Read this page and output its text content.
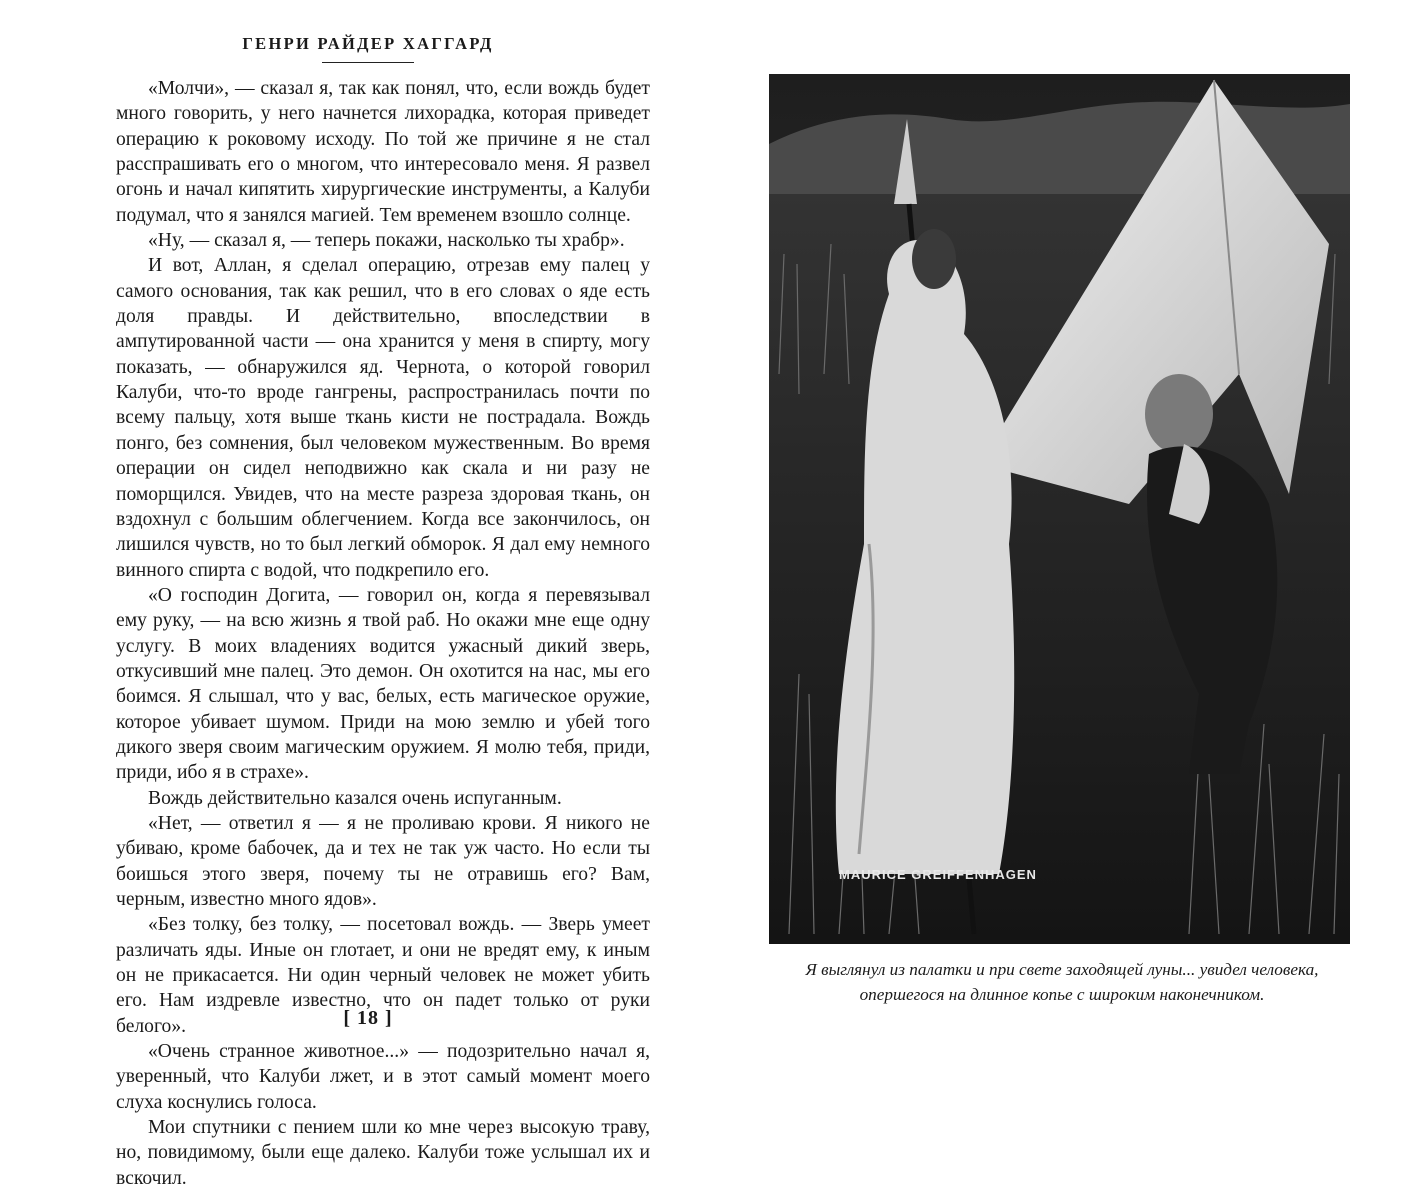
ГЕНРИ РАЙДЕР ХАГГАРД

«Молчи», — сказал я, так как понял, что, если вождь будет много говорить, у него начнется лихорадка, которая приведет операцию к роковому исходу. По той же причине я не стал расспрашивать его о многом, что интересовало меня. Я развел огонь и начал кипятить хирургические инструменты, а Калуби подумал, что я занялся магией. Тем временем взошло солнце.

«Ну, — сказал я, — теперь покажи, насколько ты храбр».

И вот, Аллан, я сделал операцию, отрезав ему палец у самого основания, так как решил, что в его словах о яде есть доля правды. И действительно, впоследствии в ампутированной части — она хранится у меня в спирту, могу показать, — обнаружился яд. Чернота, о которой говорил Калуби, что-то вроде гангрены, распространилась почти по всему пальцу, хотя выше ткань кисти не пострадала. Вождь понго, без сомнения, был человеком мужественным. Во время операции он сидел неподвижно как скала и ни разу не поморщился. Увидев, что на месте разреза здоровая ткань, он вздохнул с большим облегчением. Когда все закончилось, он лишился чувств, но то был легкий обморок. Я дал ему немного винного спирта с водой, что подкрепило его.

«О господин Догита, — говорил он, когда я перевязывал ему руку, — на всю жизнь я твой раб. Но окажи мне еще одну услугу. В моих владениях водится ужасный дикий зверь, откусивший мне палец. Это демон. Он охотится на нас, мы его боимся. Я слышал, что у вас, белых, есть магическое оружие, которое убивает шумом. Приди на мою землю и убей того дикого зверя своим магическим оружием. Я молю тебя, приди, приди, ибо я в страхе».

Вождь действительно казался очень испуганным.

«Нет, — ответил я — я не проливаю крови. Я никого не убиваю, кроме бабочек, да и тех не так уж часто. Но если ты боишься этого зверя, почему ты не отравишь его? Вам, черным, известно много ядов».

«Без толку, без толку, — посетовал вождь. — Зверь умеет различать яды. Иные он глотает, и они не вредят ему, к иным он не прикасается. Ни один черный человек не может убить его. Нам издревле известно, что он падет только от руки белого».

«Очень странное животное...» — подозрительно начал я, уверенный, что Калуби лжет, и в этот самый момент моего слуха коснулись голоса.

Мои спутники с пением шли ко мне через высокую траву, но, повидимому, были еще далеко. Калуби тоже услышал их и вскочил.

[ 18 ]
MAURICE GREIFFENHAGEN
Я выглянул из палатки и при свете заходящей луны... увидел человека,
опершегося на длинное копье с широким наконечником.
